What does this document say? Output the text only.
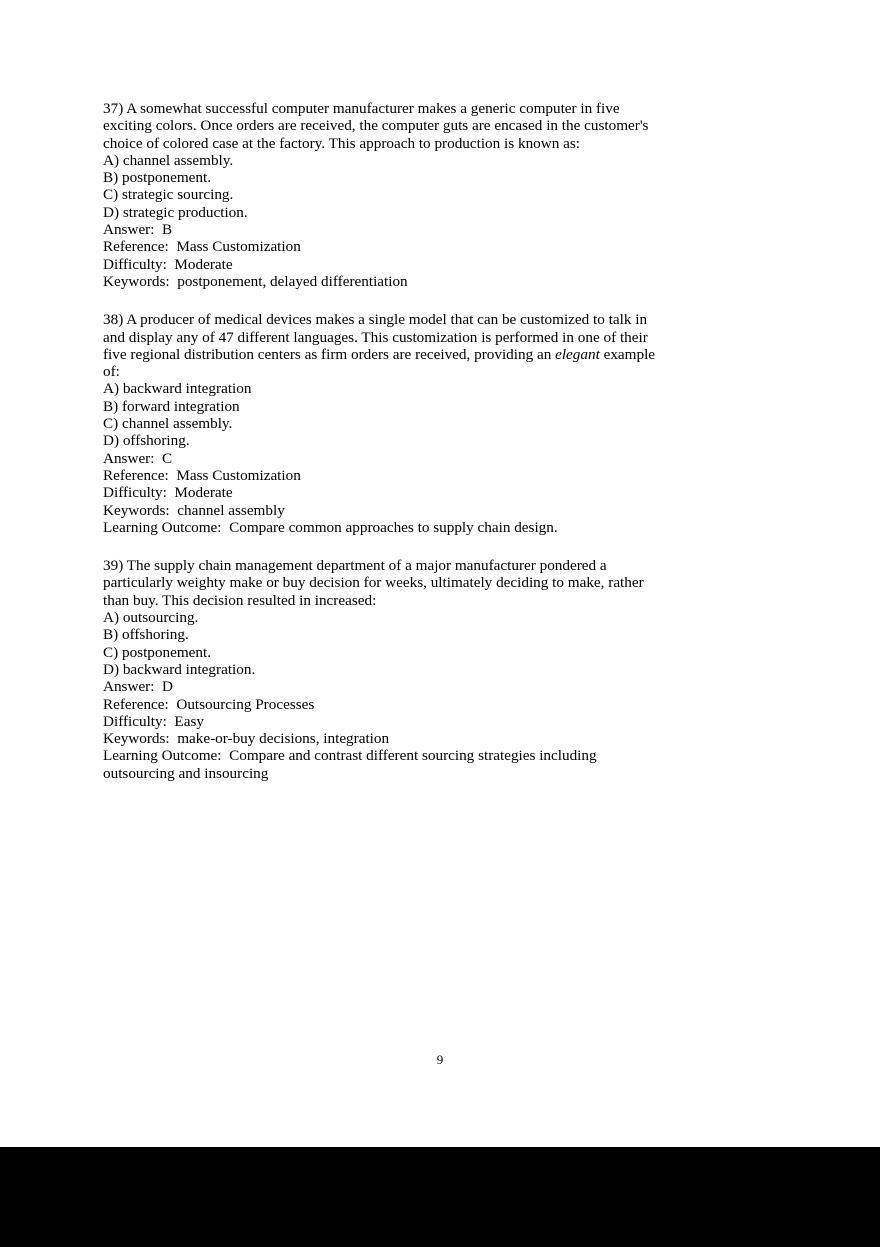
37) A somewhat successful computer manufacturer makes a generic computer in five
exciting colors. Once orders are received, the computer guts are encased in the customer's
choice of colored case at the factory. This approach to production is known as:
A) channel assembly.
B) postponement.
C) strategic sourcing.
D) strategic production.
Answer:  B
Reference:  Mass Customization
Difficulty:  Moderate
Keywords:  postponement, delayed differentiation
38) A producer of medical devices makes a single model that can be customized to talk in
and display any of 47 different languages. This customization is performed in one of their
five regional distribution centers as firm orders are received, providing an elegant example
of:
A) backward integration
B) forward integration
C) channel assembly.
D) offshoring.
Answer:  C
Reference:  Mass Customization
Difficulty:  Moderate
Keywords:  channel assembly
Learning Outcome:  Compare common approaches to supply chain design.
39) The supply chain management department of a major manufacturer pondered a
particularly weighty make or buy decision for weeks, ultimately deciding to make, rather
than buy. This decision resulted in increased:
A) outsourcing.
B) offshoring.
C) postponement.
D) backward integration.
Answer:  D
Reference:  Outsourcing Processes
Difficulty:  Easy
Keywords:  make-or-buy decisions, integration
Learning Outcome:  Compare and contrast different sourcing strategies including
outsourcing and insourcing
9
